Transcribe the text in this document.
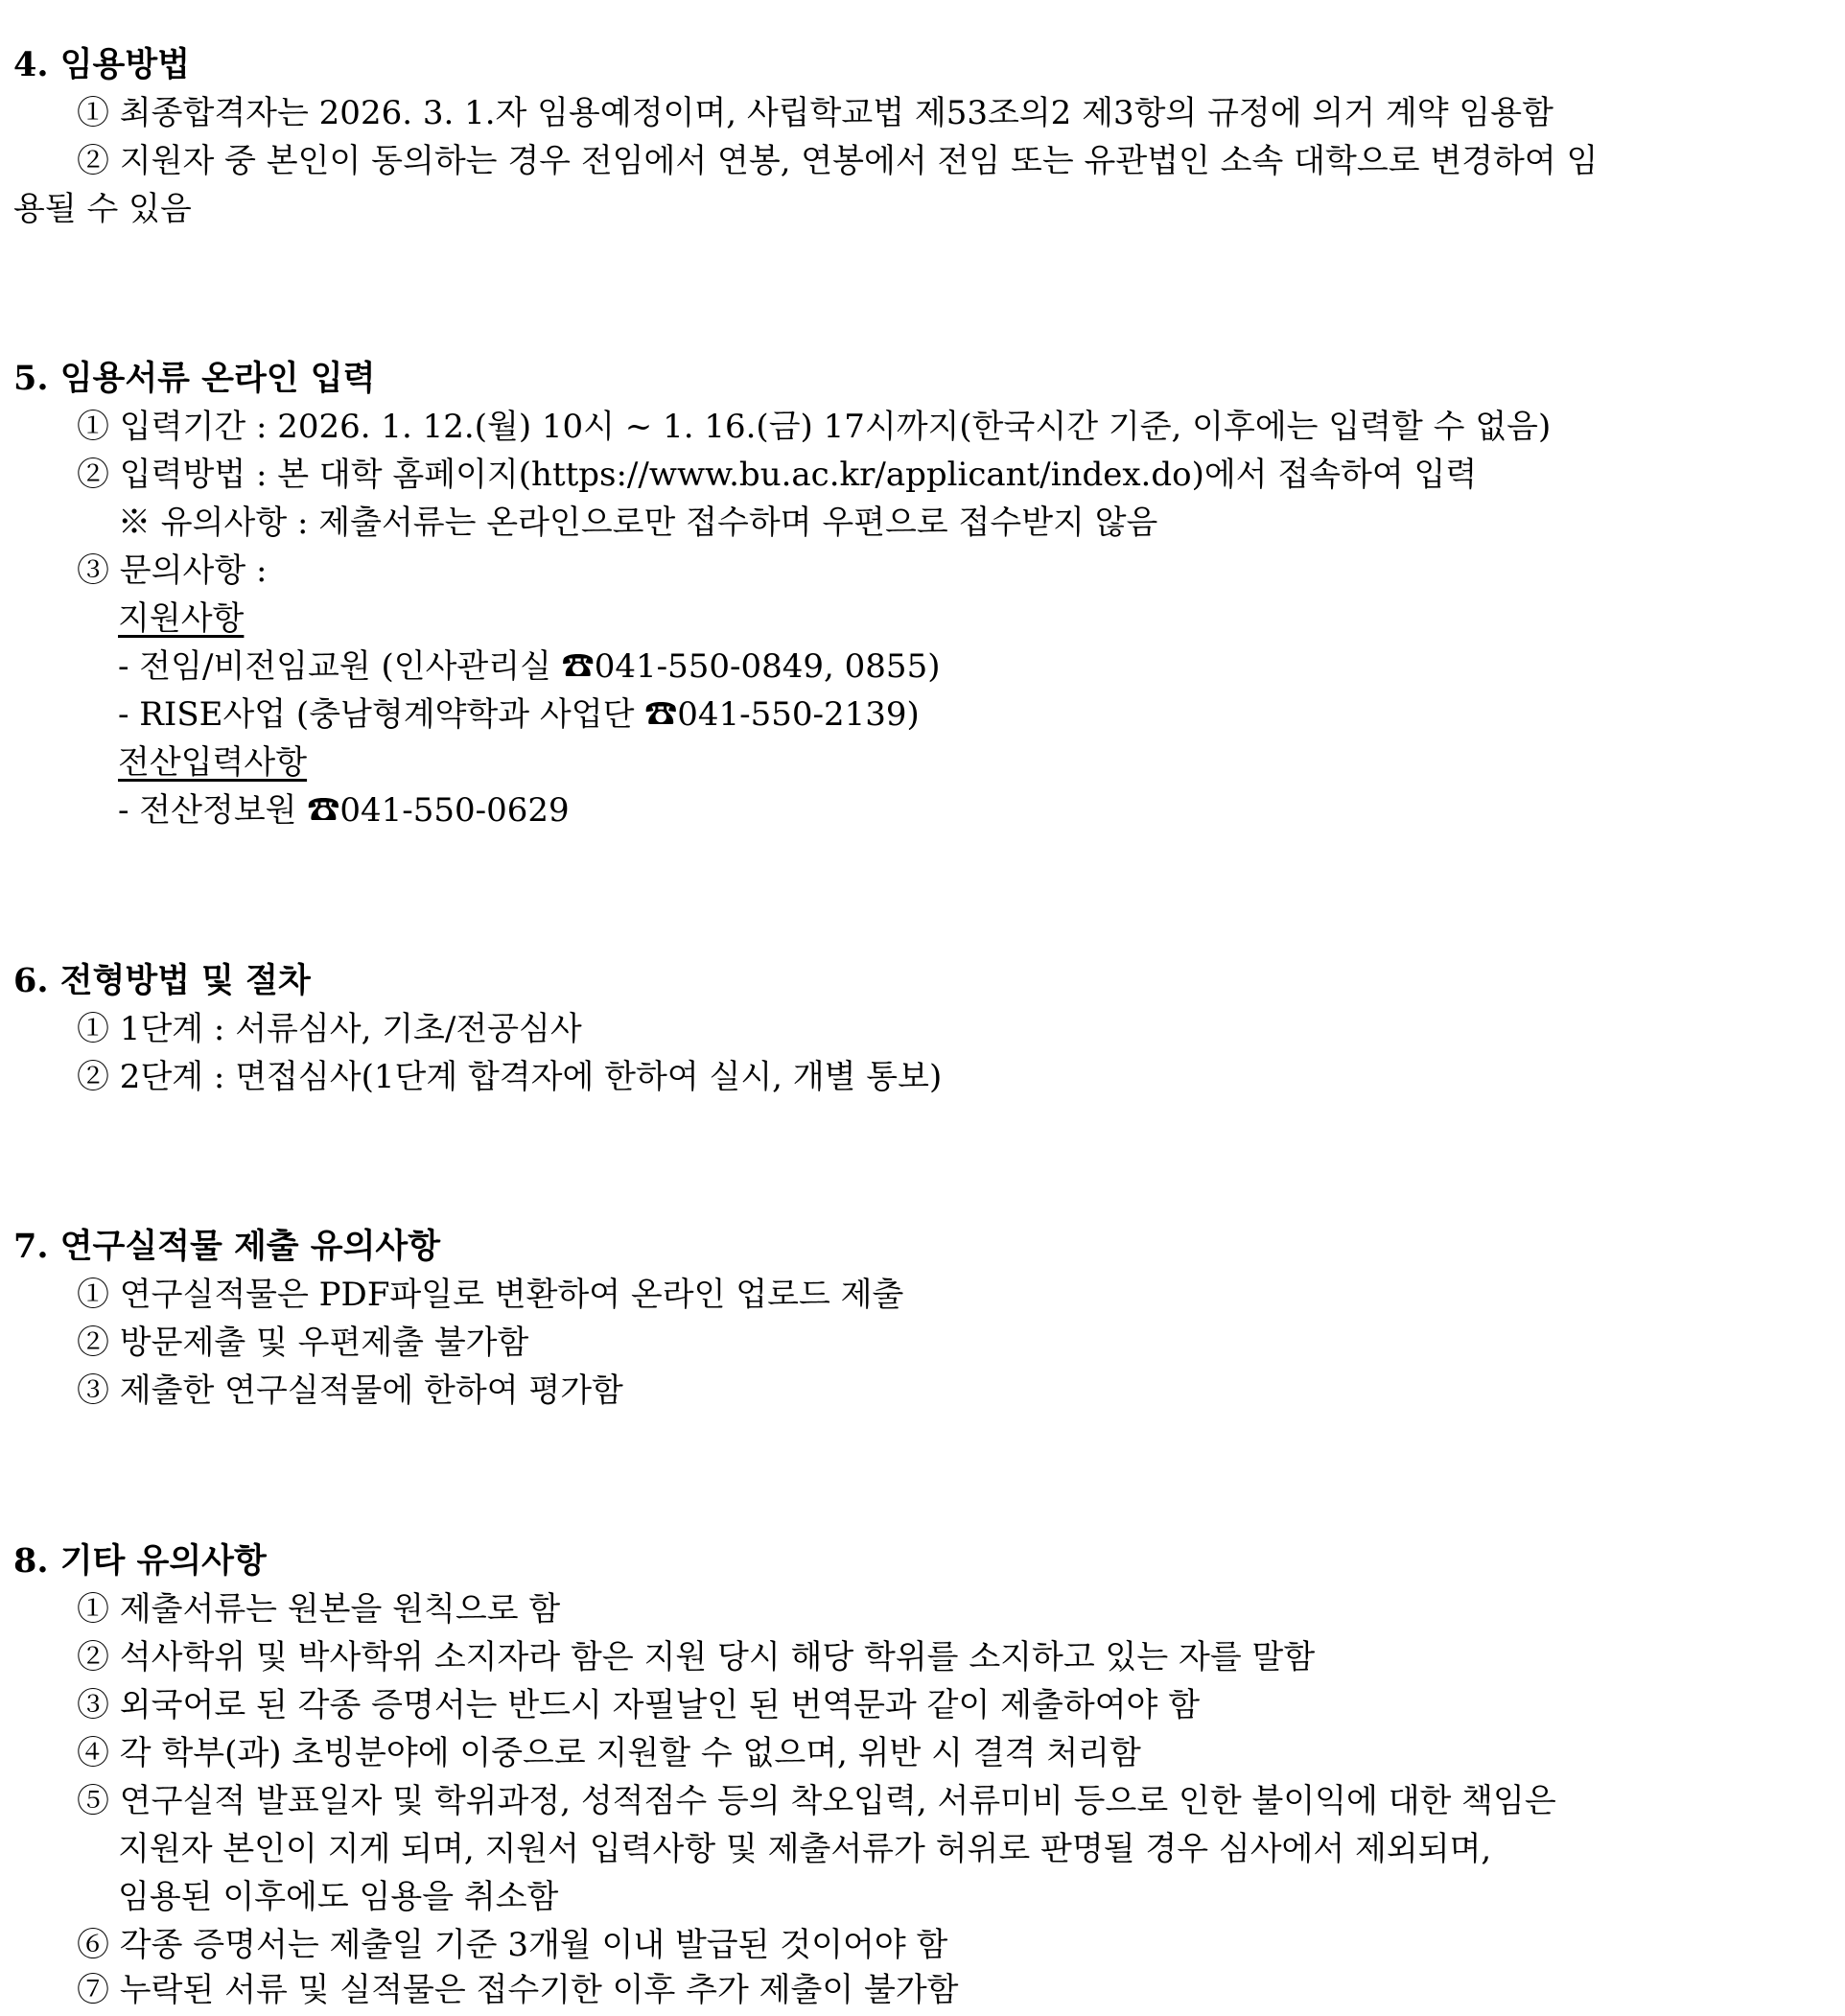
4. 임용방법
① 최종합격자는 2026. 3. 1.자 임용예정이며, 사립학교법 제53조의2 제3항의 규정에 의거 계약 임용함
② 지원자 중 본인이 동의하는 경우 전임에서 연봉, 연봉에서 전임 또는 유관법인 소속 대학으로 변경하여 임
용될 수 있음
5. 임용서류 온라인 입력
① 입력기간 : 2026. 1. 12.(월) 10시 ~ 1. 16.(금) 17시까지(한국시간 기준, 이후에는 입력할 수 없음)
② 입력방법 : 본 대학 홈페이지(https://www.bu.ac.kr/applicant/index.do)에서 접속하여 입력
※ 유의사항 : 제출서류는 온라인으로만 접수하며 우편으로 접수받지 않음
③ 문의사항 :
지원사항
- 전임/비전임교원 (인사관리실 ☎041-550-0849, 0855)
- RISE사업 (충남형계약학과 사업단 ☎041-550-2139)
전산입력사항
- 전산정보원 ☎041-550-0629
6. 전형방법 및 절차
① 1단계 : 서류심사, 기초/전공심사
② 2단계 : 면접심사(1단계 합격자에 한하여 실시, 개별 통보)
7. 연구실적물 제출 유의사항
① 연구실적물은 PDF파일로 변환하여 온라인 업로드 제출
② 방문제출 및 우편제출 불가함
③ 제출한 연구실적물에 한하여 평가함
8. 기타 유의사항
① 제출서류는 원본을 원칙으로 함
② 석사학위 및 박사학위 소지자라 함은 지원 당시 해당 학위를 소지하고 있는 자를 말함
③ 외국어로 된 각종 증명서는 반드시 자필날인 된 번역문과 같이 제출하여야 함
④ 각 학부(과) 초빙분야에 이중으로 지원할 수 없으며, 위반 시 결격 처리함
⑤ 연구실적 발표일자 및 학위과정, 성적점수 등의 착오입력, 서류미비 등으로 인한 불이익에 대한 책임은
지원자 본인이 지게 되며, 지원서 입력사항 및 제출서류가 허위로 판명될 경우 심사에서 제외되며,
임용된 이후에도 임용을 취소함
⑥ 각종 증명서는 제출일 기준 3개월 이내 발급된 것이어야 함
⑦ 누락된 서류 및 실적물은 접수기한 이후 추가 제출이 불가함
